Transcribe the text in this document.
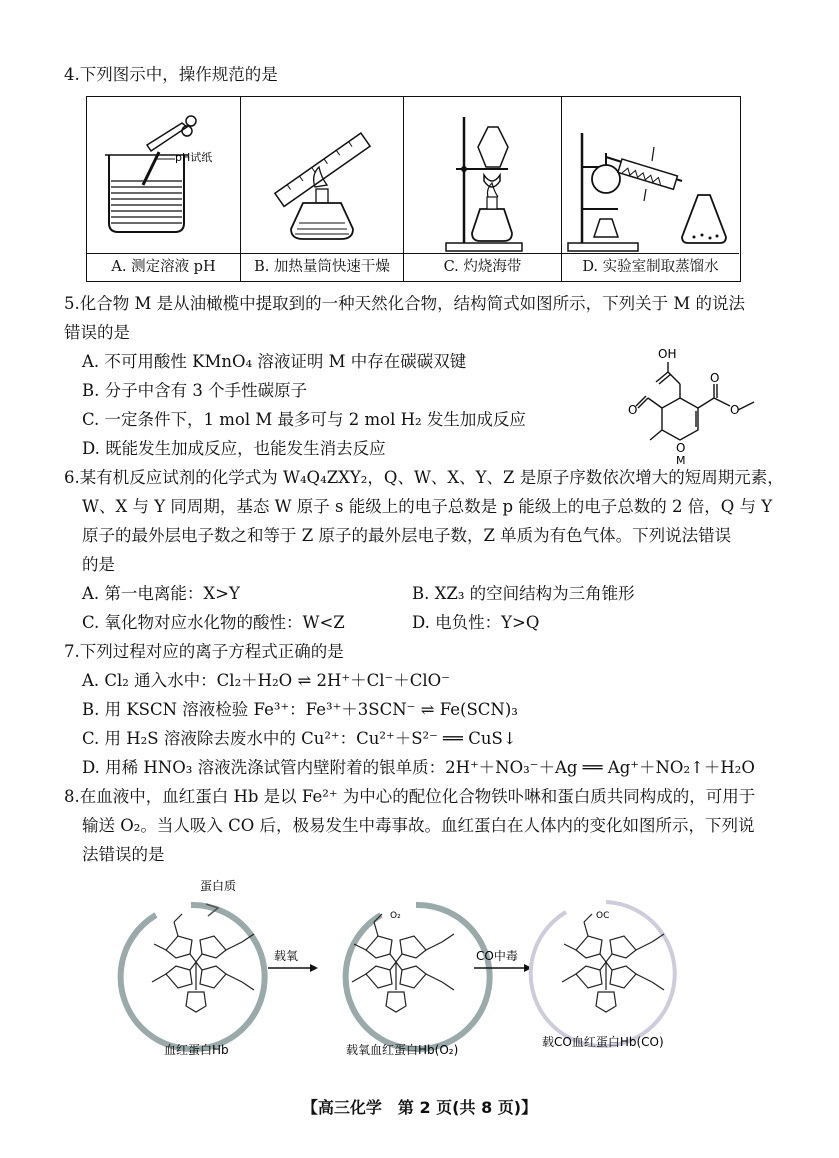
4.下列图示中，操作规范的是
pH试纸
A. 测定溶液 pH	B. 加热量筒快速干燥	C. 灼烧海带	D. 实验室制取蒸馏水
5.化合物 M 是从油橄榄中提取到的一种天然化合物，结构简式如图所示，下列关于 M 的说法
错误的是
A. 不可用酸性 KMnO₄ 溶液证明 M 中存在碳碳双键
B. 分子中含有 3 个手性碳原子
C. 一定条件下，1 mol M 最多可与 2 mol H₂ 发生加成反应
D. 既能发生加成反应，也能发生消去反应
OH
O
O
O
O
M
6.某有机反应试剂的化学式为 W₄Q₄ZXY₂，Q、W、X、Y、Z 是原子序数依次增大的短周期元素，
W、X 与 Y 同周期，基态 W 原子 s 能级上的电子总数是 p 能级上的电子总数的 2 倍，Q 与 Y
原子的最外层电子数之和等于 Z 原子的最外层电子数，Z 单质为有色气体。下列说法错误
的是
A. 第一电离能：X>Y	B. XZ₃ 的空间结构为三角锥形
C. 氧化物对应水化物的酸性：W<Z	D. 电负性：Y>Q
7.下列过程对应的离子方程式正确的是
A. Cl₂ 通入水中：Cl₂＋H₂O ⇌ 2H⁺＋Cl⁻＋ClO⁻
B. 用 KSCN 溶液检验 Fe³⁺：Fe³⁺＋3SCN⁻ ⇌ Fe(SCN)₃
C. 用 H₂S 溶液除去废水中的 Cu²⁺：Cu²⁺＋S²⁻ ══ CuS↓
D. 用稀 HNO₃ 溶液洗涤试管内壁附着的银单质：2H⁺＋NO₃⁻＋Ag ══ Ag⁺＋NO₂↑＋H₂O
8.在血液中，血红蛋白 Hb 是以 Fe²⁺ 为中心的配位化合物铁卟啉和蛋白质共同构成的，可用于
输送 O₂。当人吸入 CO 后，极易发生中毒事故。血红蛋白在人体内的变化如图所示，下列说
法错误的是
蛋白质
血红蛋白Hb
载氧
O₂
载氧血红蛋白Hb(O₂)
CO中毒
OC
载CO血红蛋白Hb(CO)
【高三化学　第 2 页(共 8 页)】
